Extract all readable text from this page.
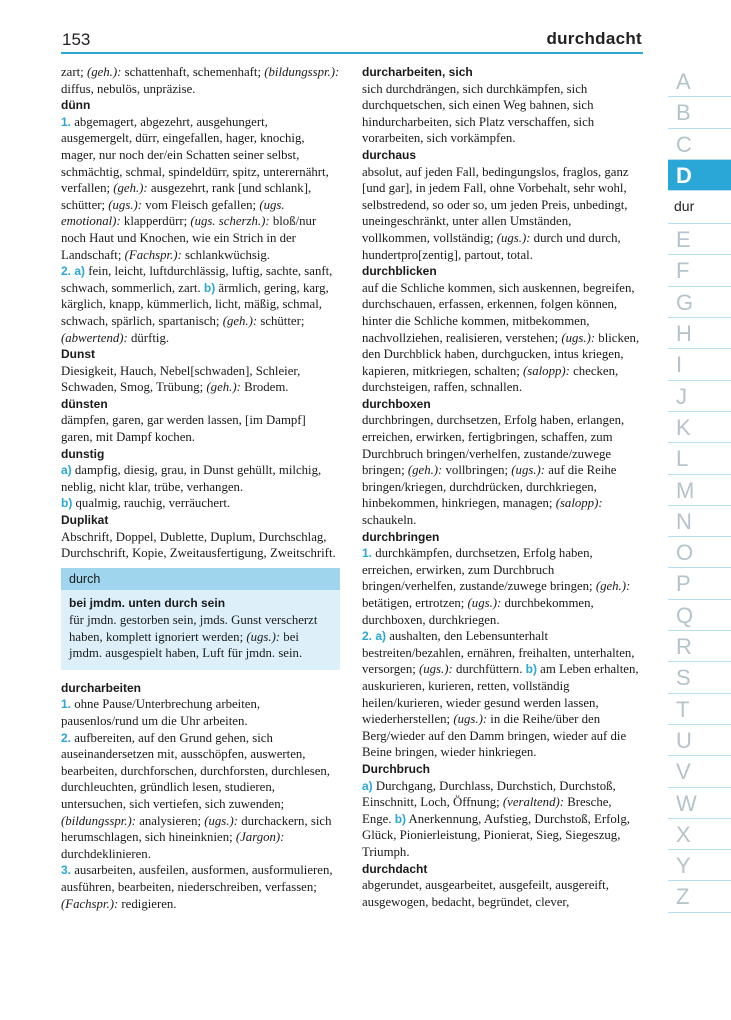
153	durchdacht
zart; (geh.): schattenhaft, schemenhaft; (bildungsspr.): diffus, nebulös, unpräzise.
dünn
1. abgemagert, abgezehrt, ausgehungert, ausgemergelt, dürr, eingefallen, hager, knochig, mager, nur noch der/ein Schatten seiner selbst, schmächtig, schmal, spindeldürr, spitz, unterernährt, verfallen; (geh.): ausgezehrt, rank [und schlank], schütter; (ugs.): vom Fleisch gefallen; (ugs. emotional): klapperdürr; (ugs. scherzh.): bloß/nur noch Haut und Knochen, wie ein Strich in der Landschaft; (Fachspr.): schlankwüchsig.
2. a) fein, leicht, luftdurchlässig, luftig, sachte, sanft, schwach, sommerlich, zart. b) ärmlich, gering, karg, kärglich, knapp, kümmerlich, licht, mäßig, schmal, schwach, spärlich, spartanisch; (geh.): schütter; (abwertend): dürftig.
Dunst
Diesigkeit, Hauch, Nebel[schwaden], Schleier, Schwaden, Smog, Trübung; (geh.): Brodem.
dünsten
dämpfen, garen, gar werden lassen, [im Dampf] garen, mit Dampf kochen.
dunstig
a) dampfig, diesig, grau, in Dunst gehüllt, milchig, neblig, nicht klar, trübe, verhangen.
b) qualmig, rauchig, verräuchert.
Duplikat
Abschrift, Doppel, Dublette, Duplum, Durchschlag, Durchschrift, Kopie, Zweitausfertigung, Zweitschrift.
durch
bei jmdm. unten durch sein
für jmdn. gestorben sein, jmds. Gunst verscherzt haben, komplett ignoriert werden; (ugs.): bei jmdm. ausgespielt haben, Luft für jmdn. sein.
durcharbeiten
1. ohne Pause/Unterbrechung arbeiten, pausenlos/rund um die Uhr arbeiten.
2. aufbereiten, auf den Grund gehen, sich auseinandersetzen mit, ausschöpfen, auswerten, bearbeiten, durchforschen, durchforsten, durchlesen, durchleuchten, gründlich lesen, studieren, untersuchen, sich vertiefen, sich zuwenden; (bildungsspr.): analysieren; (ugs.): durchackern, sich herumschlagen, sich hineinknien; (Jargon): durchdeklinieren.
3. ausarbeiten, ausfeilen, ausformen, ausformulieren, ausführen, bearbeiten, niederschreiben, verfassen; (Fachspr.): redigieren.
durcharbeiten, sich
sich durchdrängen, sich durchkämpfen, sich durchquetschen, sich einen Weg bahnen, sich hindurcharbeiten, sich Platz verschaffen, sich vorarbeiten, sich vorkämpfen.
durchaus
absolut, auf jeden Fall, bedingungslos, fraglos, ganz [und gar], in jedem Fall, ohne Vorbehalt, sehr wohl, selbstredend, so oder so, um jeden Preis, unbedingt, uneingeschränkt, unter allen Umständen, vollkommen, vollständig; (ugs.): durch und durch, hundertpro[zentig], partout, total.
durchblicken
auf die Schliche kommen, sich auskennen, begreifen, durchschauen, erfassen, erkennen, folgen können, hinter die Schliche kommen, mitbekommen, nachvollziehen, realisieren, verstehen; (ugs.): blicken, den Durchblick haben, durchgucken, intus kriegen, kapieren, mitkriegen, schalten; (salopp): checken, durchsteigen, raffen, schnallen.
durchboxen
durchbringen, durchsetzen, Erfolg haben, erlangen, erreichen, erwirken, fertigbringen, schaffen, zum Durchbruch bringen/verhelfen, zustande/zuwege bringen; (geh.): vollbringen; (ugs.): auf die Reihe bringen/kriegen, durchdrücken, durchkriegen, hinbekommen, hinkriegen, managen; (salopp): schaukeln.
durchbringen
1. durchkämpfen, durchsetzen, Erfolg haben, erreichen, erwirken, zum Durchbruch bringen/verhelfen, zustande/zuwege bringen; (geh.): betätigen, ertrotzen; (ugs.): durchbekommen, durchboxen, durchkriegen.
2. a) aushalten, den Lebensunterhalt bestreiten/bezahlen, ernähren, freihalten, unterhalten, versorgen; (ugs.): durchfüttern. b) am Leben erhalten, auskurieren, kurieren, retten, vollständig heilen/kurieren, wieder gesund werden lassen, wiederherstellen; (ugs.): in die Reihe/über den Berg/wieder auf den Damm bringen, wieder auf die Beine bringen, wieder hinkriegen.
Durchbruch
a) Durchgang, Durchlass, Durchstich, Durchstoß, Einschnitt, Loch, Öffnung; (veraltend): Bresche, Enge. b) Anerkennung, Aufstieg, Durchstoß, Erfolg, Glück, Pionierleistung, Pionierat, Sieg, Siegeszug, Triumph.
durchdacht
abgerundet, ausgearbeitet, ausgefeilt, ausgereift, ausgewogen, bedacht, begründet, clever,
A
B
C
D
dur
E
F
G
H
I
J
K
L
M
N
O
P
Q
R
S
T
U
V
W
X
Y
Z
